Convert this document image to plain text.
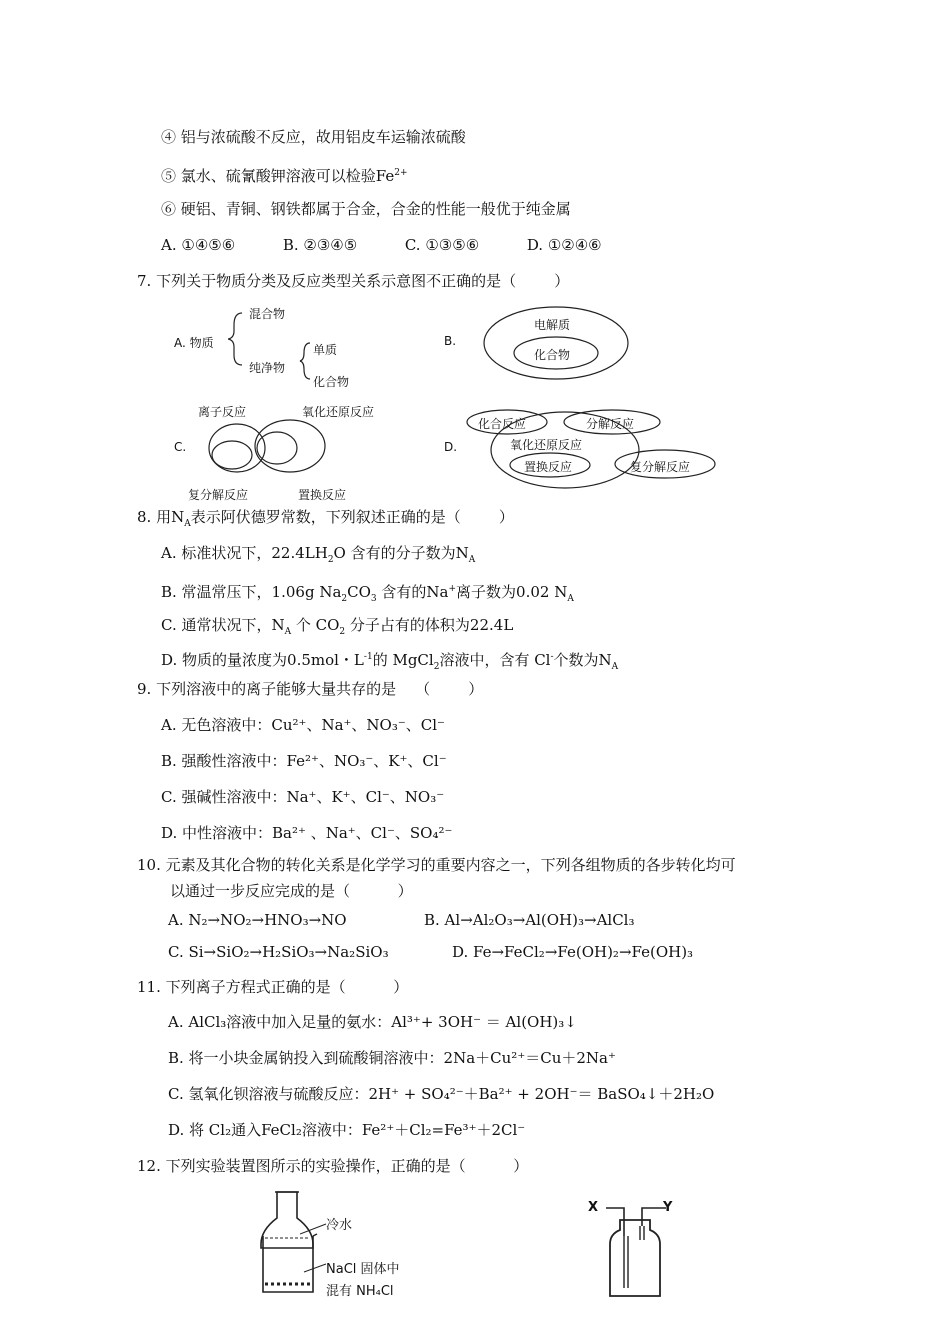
④ 铝与浓硫酸不反应，故用铝皮车运输浓硫酸
⑤ 氯水、硫氰酸钾溶液可以检验$Fe^{2+}$
⑥ 硬铝、青铜、钢铁都属于合金，合金的性能一般优于纯金属
A. ①④⑤⑥          B. ②③④⑤          C. ①③⑤⑥          D. ①②④⑥
7. 下列关于物质分类及反应类型关系示意图不正确的是（        ）
A. 物质
混合物
纯净物
单质
化合物
B.
电解质
化合物
C.
离子反应	氧化还原反应
复分解反应	置换反应
D.
化合反应	分解反应
氧化还原反应
置换反应	复分解反应
8. 用$N_A$表示阿伏德罗常数，下列叙述正确的是（        ）
A. 标准状况下，$22.4LH_2O$ 含有的分子数为$N_A$
B. 常温常压下，1.06g $Na_2CO_3$ 含有的Na+离子数为0.02 $N_A$
C. 通常状况下，$N_A$ 个 $CO_2$ 分子占有的体积为22.4L
D. 物质的量浓度为0.5mol・$L^{-1}$的 MgCl$_2$溶液中，含有 Cl-个数为$N_A$
9. 下列溶液中的离子能够大量共存的是    （        ）
A. 无色溶液中：Cu²⁺、Na⁺、NO₃⁻、Cl⁻
B. 强酸性溶液中：Fe²⁺、NO₃⁻、K⁺、Cl⁻
C. 强碱性溶液中：Na⁺、K⁺、Cl⁻、NO₃⁻
D. 中性溶液中：Ba²⁺ 、Na⁺、Cl⁻、SO₄²⁻
10. 元素及其化合物的转化关系是化学学习的重要内容之一，下列各组物质的各步转化均可
以通过一步反应完成的是（          ）
A. N₂→NO₂→HNO₃→NO	B. Al→Al₂O₃→Al(OH)₃→AlCl₃
C. Si→SiO₂→H₂SiO₃→Na₂SiO₃	D. Fe→FeCl₂→Fe(OH)₂→Fe(OH)₃
11. 下列离子方程式正确的是（          ）
A. AlCl₃溶液中加入足量的氨水：Al³⁺+ 3OH⁻ ＝ Al(OH)₃↓
B. 将一小块金属钠投入到硫酸铜溶液中：2Na＋Cu²⁺＝Cu＋2Na⁺
C. 氢氧化钡溶液与硫酸反应：2H⁺ + SO₄²⁻＋Ba²⁺ + 2OH⁻＝ BaSO₄↓＋2H₂O
D. 将 Cl₂通入FeCl₂溶液中：Fe²⁺＋Cl₂=Fe³⁺＋2Cl⁻
12. 下列实验装置图所示的实验操作，正确的是（          ）
冷水
NaCl 固体中
混有 NH₄Cl
X	Y
